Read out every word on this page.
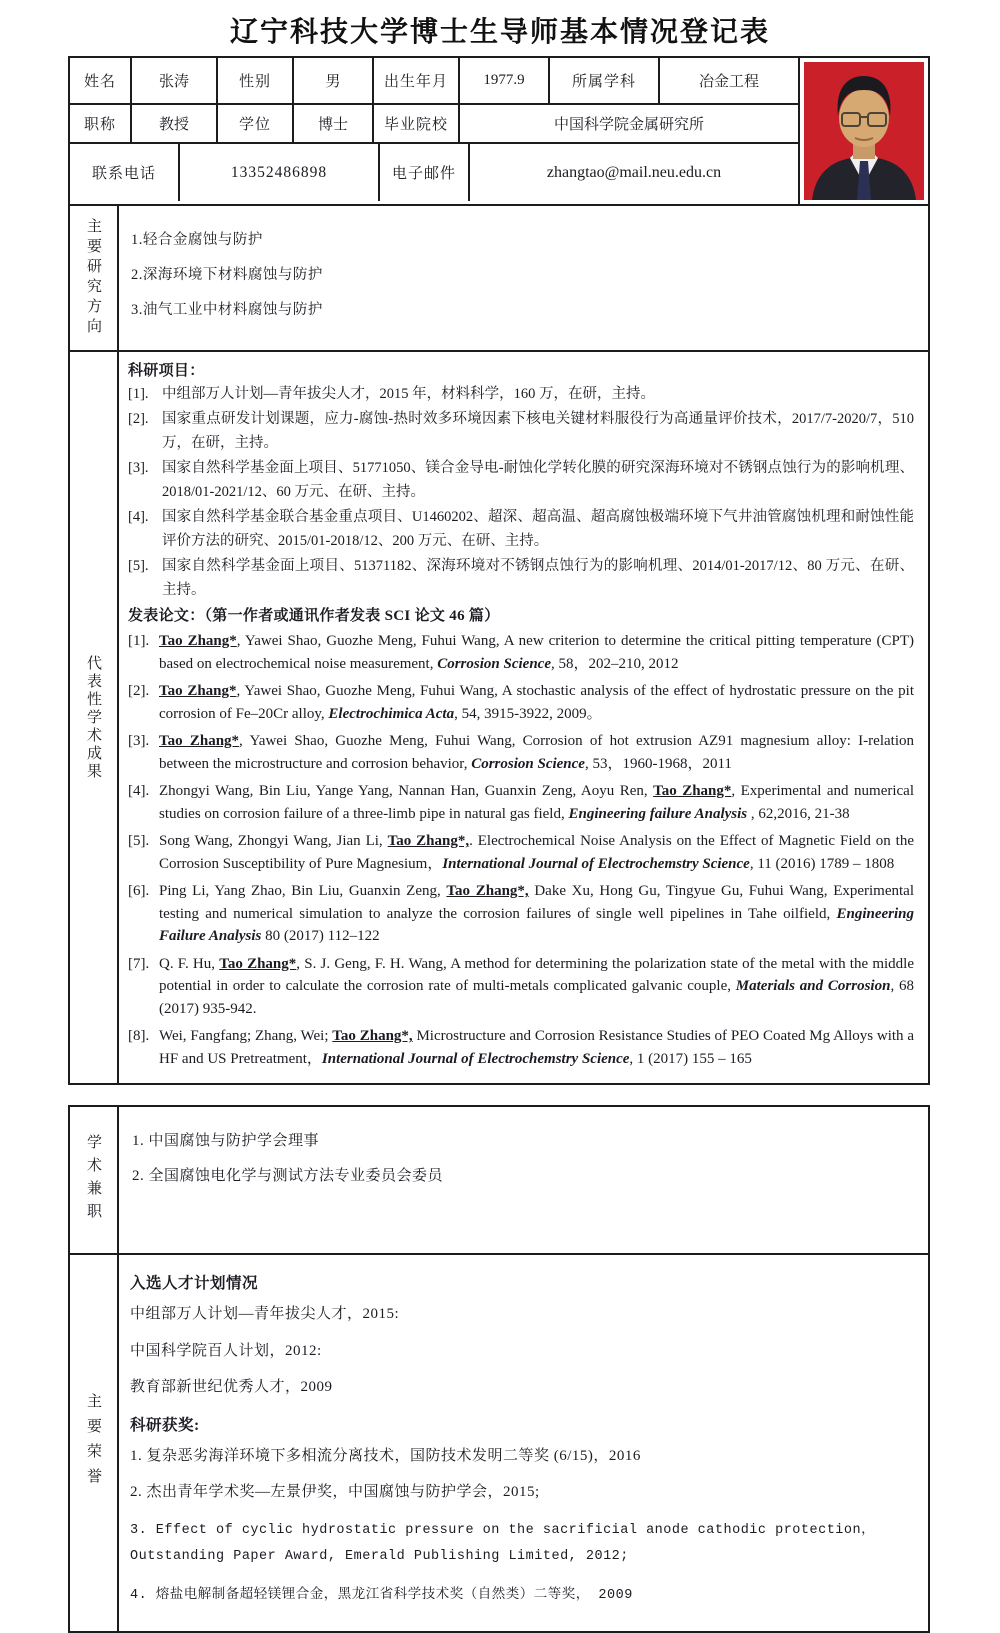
辽宁科技大学博士生导师基本情况登记表
姓名	张涛	性别	男	出生年月	1977.9	所属学科	冶金工程
职称	教授	学位	博士	毕业院校	中国科学院金属研究所
联系电话	13352486898	电子邮件	zhangtao@mail.neu.edu.cn
主要研究方向 1.轻合金腐蚀与防护

2.深海环境下材料腐蚀与防护

3.油气工业中材料腐蚀与防护

代表性学术成果

科研项目：

[1]. 中组部万人计划—青年拔尖人才，2015 年，材料科学，160 万，在研，主持。
[2]. 国家重点研发计划课题，应力-腐蚀-热时效多环境因素下核电关键材料服役行为高通量评价技术，2017/7-2020/7，510 万，在研，主持。
[3]. 国家自然科学基金面上项目、51771050、镁合金导电-耐蚀化学转化膜的研究深海环境对不锈钢点蚀行为的影响机理、2018/01-2021/12、60 万元、在研、主持。
[4]. 国家自然科学基金联合基金重点项目、U1460202、超深、超高温、超高腐蚀极端环境下气井油管腐蚀机理和耐蚀性能评价方法的研究、2015/01-2018/12、200 万元、在研、主持。
[5]. 国家自然科学基金面上项目、51371182、深海环境对不锈钢点蚀行为的影响机理、2014/01-2017/12、80 万元、在研、主持。

发表论文：（第一作者或通讯作者发表 SCI 论文 46 篇）

[1]. Tao Zhang*, Yawei Shao, Guozhe Meng, Fuhui Wang, A new criterion to determine the critical pitting temperature (CPT) based on electrochemical noise measurement, Corrosion Science, 58，202–210, 2012
[2]. Tao Zhang*, Yawei Shao, Guozhe Meng, Fuhui Wang, A stochastic analysis of the effect of hydrostatic pressure on the pit corrosion of Fe–20Cr alloy, Electrochimica Acta, 54, 3915-3922, 2009。
[3]. Tao Zhang*, Yawei Shao, Guozhe Meng, Fuhui Wang, Corrosion of hot extrusion AZ91 magnesium alloy: I-relation between the microstructure and corrosion behavior, Corrosion Science, 53，1960-1968，2011
[4]. Zhongyi Wang, Bin Liu, Yange Yang, Nannan Han, Guanxin Zeng, Aoyu Ren, Tao Zhang*, Experimental and numerical studies on corrosion failure of a three-limb pipe in natural gas field, Engineering failure Analysis , 62,2016, 21-38
[5]. Song Wang, Zhongyi Wang, Jian Li, Tao Zhang*,. Electrochemical Noise Analysis on the Effect of Magnetic Field on the Corrosion Susceptibility of Pure Magnesium，International Journal of Electrochemstry Science, 11 (2016) 1789 – 1808
[6]. Ping Li, Yang Zhao, Bin Liu, Guanxin Zeng, Tao Zhang*, Dake Xu, Hong Gu, Tingyue Gu, Fuhui Wang, Experimental testing and numerical simulation to analyze the corrosion failures of single well pipelines in Tahe oilfield, Engineering Failure Analysis 80 (2017) 112–122
[7]. Q. F. Hu, Tao Zhang*, S. J. Geng, F. H. Wang, A method for determining the polarization state of the metal with the middle potential in order to calculate the corrosion rate of multi-metals complicated galvanic couple, Materials and Corrosion, 68 (2017) 935-942.
[8]. Wei, Fangfang; Zhang, Wei; Tao Zhang*, Microstructure and Corrosion Resistance Studies of PEO Coated Mg Alloys with a HF and US Pretreatment，International Journal of Electrochemstry Science, 1 (2017) 155 – 165
学术兼职 1. 中国腐蚀与防护学会理事

2. 全国腐蚀电化学与测试方法专业委员会委员

主要荣誉

入选人才计划情况

中组部万人计划—青年拔尖人才，2015:

中国科学院百人计划，2012:

教育部新世纪优秀人才，2009

科研获奖:

1. 复杂恶劣海洋环境下多相流分离技术，国防技术发明二等奖 (6/15)，2016

2. 杰出青年学术奖—左景伊奖，中国腐蚀与防护学会，2015;

3. Effect of cyclic hydrostatic pressure on the sacrificial anode cathodic protection，Outstanding Paper Award, Emerald Publishing Limited, 2012;

4. 熔盐电解制备超轻镁锂合金，黑龙江省科学技术奖（自然类）二等奖， 2009
